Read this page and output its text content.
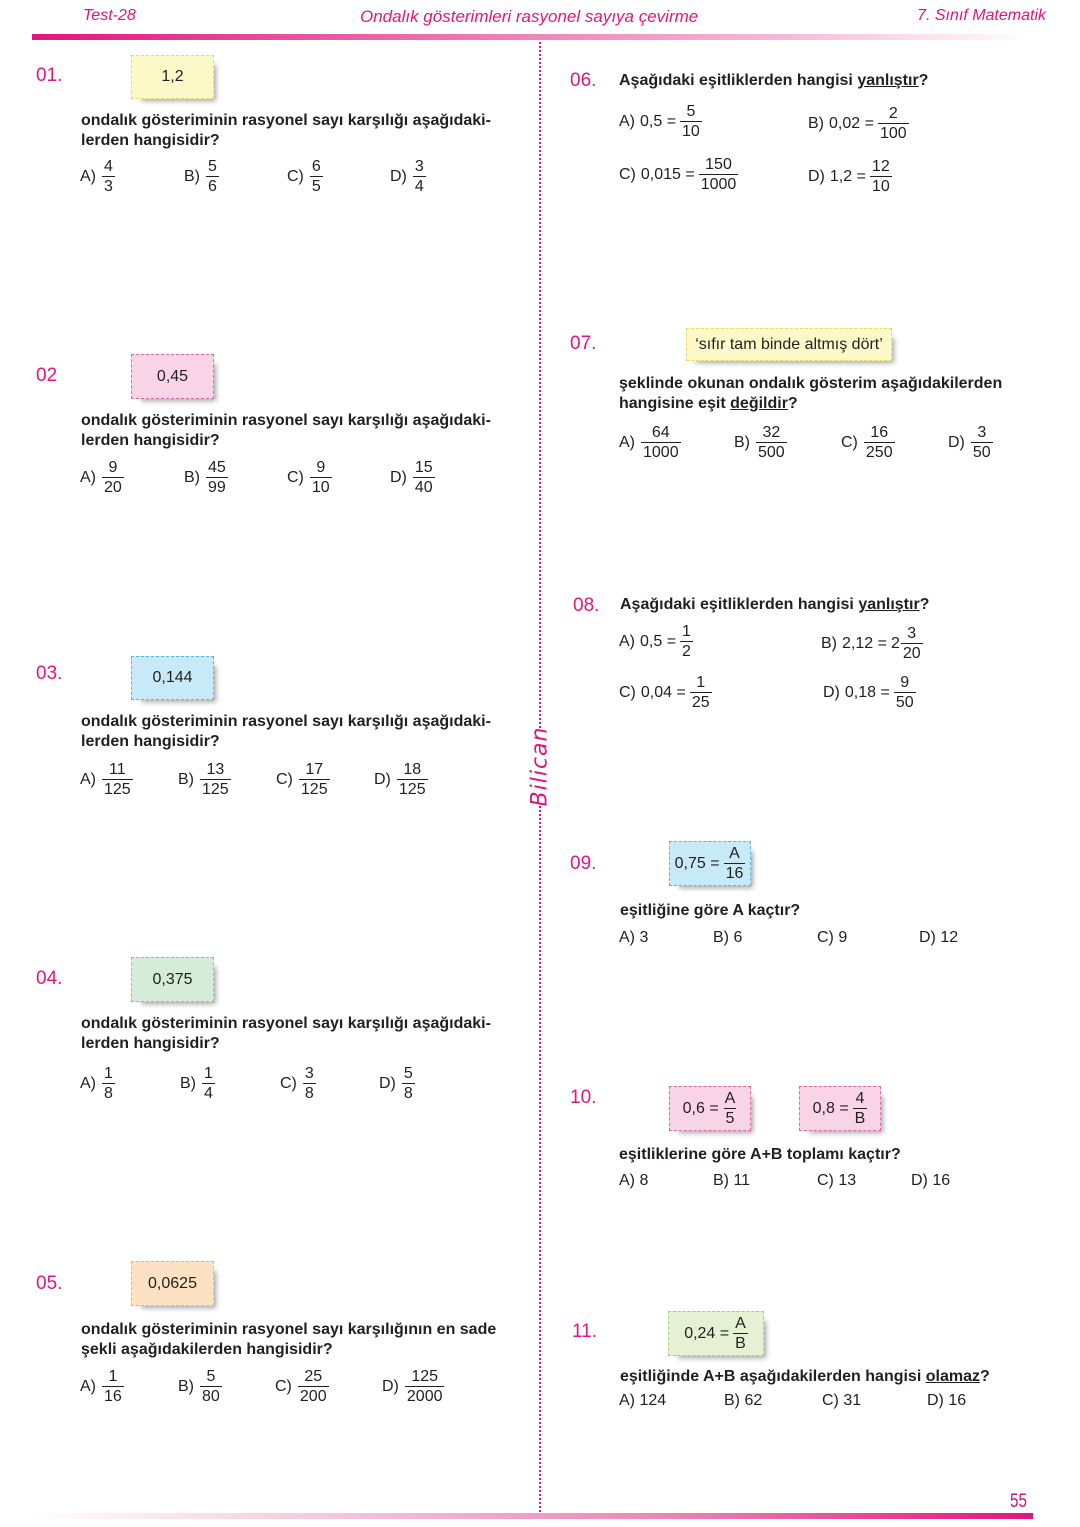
Test-28	Ondalık gösterimleri rasyonel sayıya çevirme	7. Sınıf Matematik
Bilican
01.	1,2
ondalık gösteriminin rasyonel sayı karşılığı aşağıdaki-
lerden hangisidir?
$A) \frac{4}{3}$	$B) \frac{5}{6}$	$C) \frac{6}{5}$	$D) \frac{3}{4}$
02	0,45
ondalık gösteriminin rasyonel sayı karşılığı aşağıdaki-
lerden hangisidir?
$A) \frac{9}{20}$	$B) \frac{45}{99}$	$C) \frac{9}{10}$	$D) \frac{15}{40}$
03.	0,144
ondalık gösteriminin rasyonel sayı karşılığı aşağıdaki-
lerden hangisidir?
$A) \frac{11}{125}$	$B) \frac{13}{125}$	$C) \frac{17}{125}$	$D) \frac{18}{125}$
04.	0,375
ondalık gösteriminin rasyonel sayı karşılığı aşağıdaki-
lerden hangisidir?
$A) \frac{1}{8}$	$B) \frac{1}{4}$	$C) \frac{3}{8}$	$D) \frac{5}{8}$
05.	0,0625
ondalık gösteriminin rasyonel sayı karşılığının en sade
şekli aşağıdakilerden hangisidir?
$A) \frac{1}{16}$	$B) \frac{5}{80}$	$C) \frac{25}{200}$	$D) \frac{125}{2000}$
06. Aşağıdaki eşitliklerden hangisi yanlıştır?
A) $0,5 = \frac{5}{10}$	B) $0,02 = \frac{2}{100}$
C) $0,015 = \frac{150}{1000}$	D) $1,2 = \frac{12}{10}$
07.	‘sıfır tam binde altmış dört’
şeklinde okunan ondalık gösterim aşağıdakilerden
hangisine eşit değildir?
$A) \frac{64}{1000}$	$B) \frac{32}{500}$	$C) \frac{16}{250}$	$D) \frac{3}{50}$
08. Aşağıdaki eşitliklerden hangisi yanlıştır?
A) $0,5 = \frac{1}{2}$	B) $2,12 = 2 \frac{3}{20}$
C) $0,04 = \frac{1}{25}$	D) $0,18 = \frac{9}{50}$
09.	$0,75 = \frac{A}{16}$
eşitliğine göre A kaçtır?
A) 3	B) 6	C) 9	D) 12
10.	$0,6 = \frac{A}{5}$	$0,8 = \frac{4}{B}$
eşitliklerine göre A+B toplamı kaçtır?
A) 8	B) 11	C) 13	D) 16
11.	$0,24 = \frac{A}{B}$
eşitliğinde A+B aşağıdakilerden hangisi olamaz?
A) 124	B) 62	C) 31	D) 16
55
